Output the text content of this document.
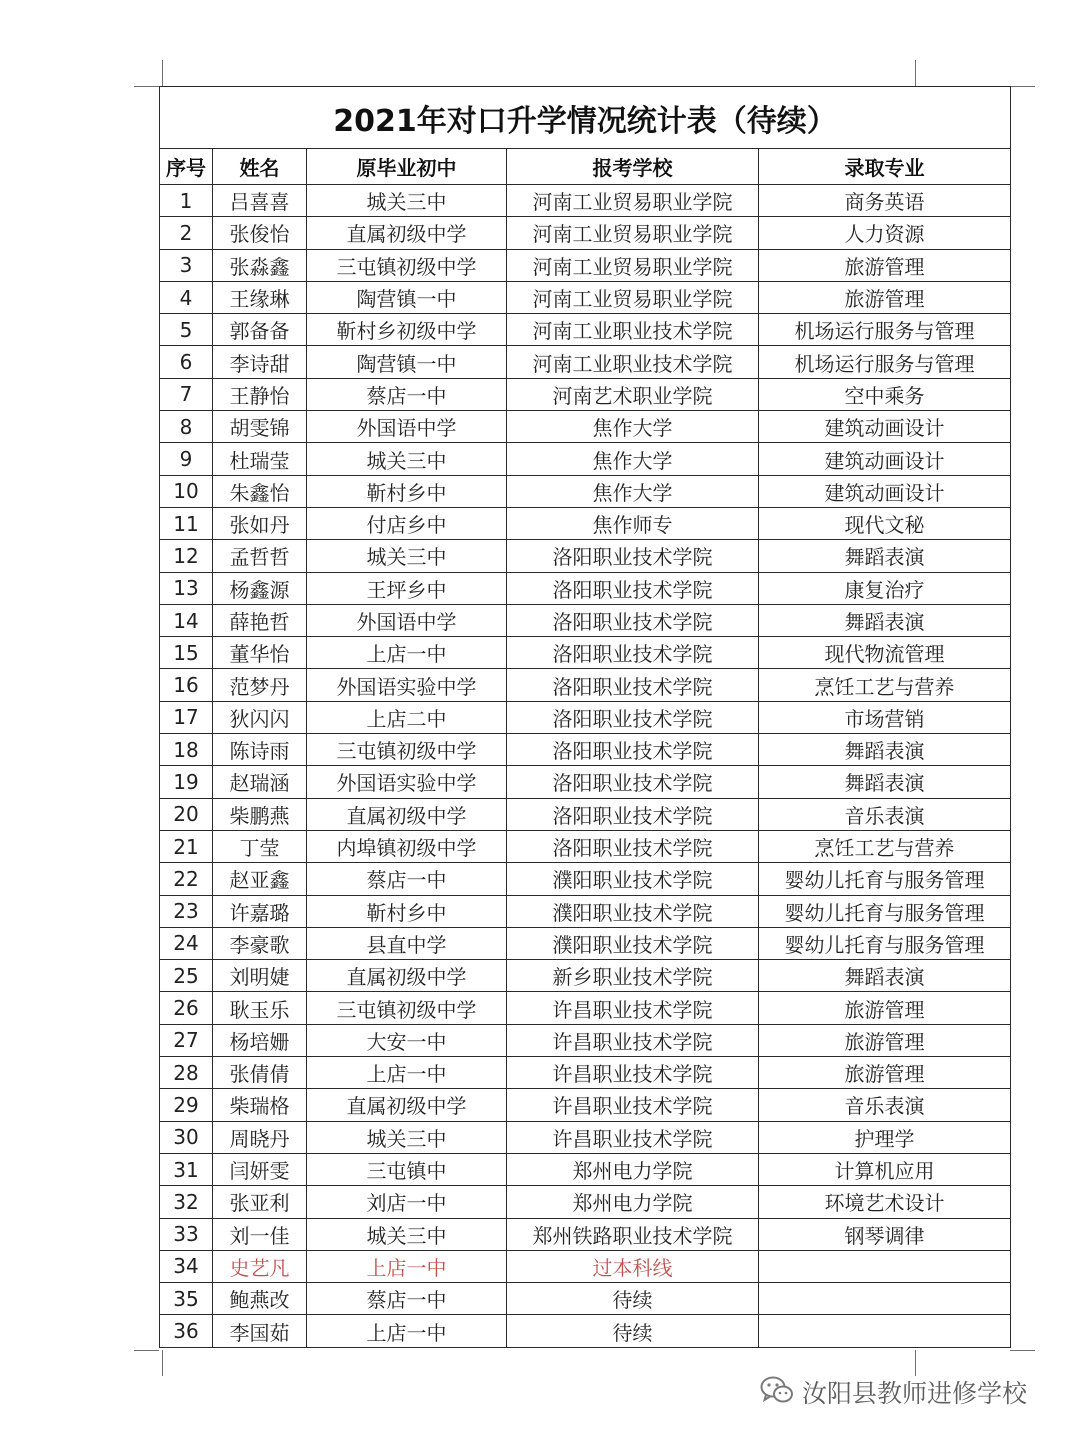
2021年对口升学情况统计表（待续）				
序号	姓名	原毕业初中	报考学校	录取专业
1	吕喜喜	城关三中	河南工业贸易职业学院	商务英语
2	张俊怡	直属初级中学	河南工业贸易职业学院	人力资源
3	张淼鑫	三屯镇初级中学	河南工业贸易职业学院	旅游管理
4	王缘琳	陶营镇一中	河南工业贸易职业学院	旅游管理
5	郭备备	靳村乡初级中学	河南工业职业技术学院	机场运行服务与管理
6	李诗甜	陶营镇一中	河南工业职业技术学院	机场运行服务与管理
7	王静怡	蔡店一中	河南艺术职业学院	空中乘务
8	胡雯锦	外国语中学	焦作大学	建筑动画设计
9	杜瑞莹	城关三中	焦作大学	建筑动画设计
10	朱鑫怡	靳村乡中	焦作大学	建筑动画设计
11	张如丹	付店乡中	焦作师专	现代文秘
12	孟哲哲	城关三中	洛阳职业技术学院	舞蹈表演
13	杨鑫源	王坪乡中	洛阳职业技术学院	康复治疗
14	薛艳哲	外国语中学	洛阳职业技术学院	舞蹈表演
15	董华怡	上店一中	洛阳职业技术学院	现代物流管理
16	范梦丹	外国语实验中学	洛阳职业技术学院	烹饪工艺与营养
17	狄闪闪	上店二中	洛阳职业技术学院	市场营销
18	陈诗雨	三屯镇初级中学	洛阳职业技术学院	舞蹈表演
19	赵瑞涵	外国语实验中学	洛阳职业技术学院	舞蹈表演
20	柴鹏燕	直属初级中学	洛阳职业技术学院	音乐表演
21	丁莹	内埠镇初级中学	洛阳职业技术学院	烹饪工艺与营养
22	赵亚鑫	蔡店一中	濮阳职业技术学院	婴幼儿托育与服务管理
23	许嘉璐	靳村乡中	濮阳职业技术学院	婴幼儿托育与服务管理
24	李豪歌	县直中学	濮阳职业技术学院	婴幼儿托育与服务管理
25	刘明婕	直属初级中学	新乡职业技术学院	舞蹈表演
26	耿玉乐	三屯镇初级中学	许昌职业技术学院	旅游管理
27	杨培姗	大安一中	许昌职业技术学院	旅游管理
28	张倩倩	上店一中	许昌职业技术学院	旅游管理
29	柴瑞格	直属初级中学	许昌职业技术学院	音乐表演
30	周晓丹	城关三中	许昌职业技术学院	护理学
31	闫妍雯	三屯镇中	郑州电力学院	计算机应用
32	张亚利	刘店一中	郑州电力学院	环境艺术设计
33	刘一佳	城关三中	郑州铁路职业技术学院	钢琴调律
34	史艺凡	上店一中	过本科线	
35	鲍燕改	蔡店一中	待续	
36	李国茹	上店一中	待续	
汝阳县教师进修学校
